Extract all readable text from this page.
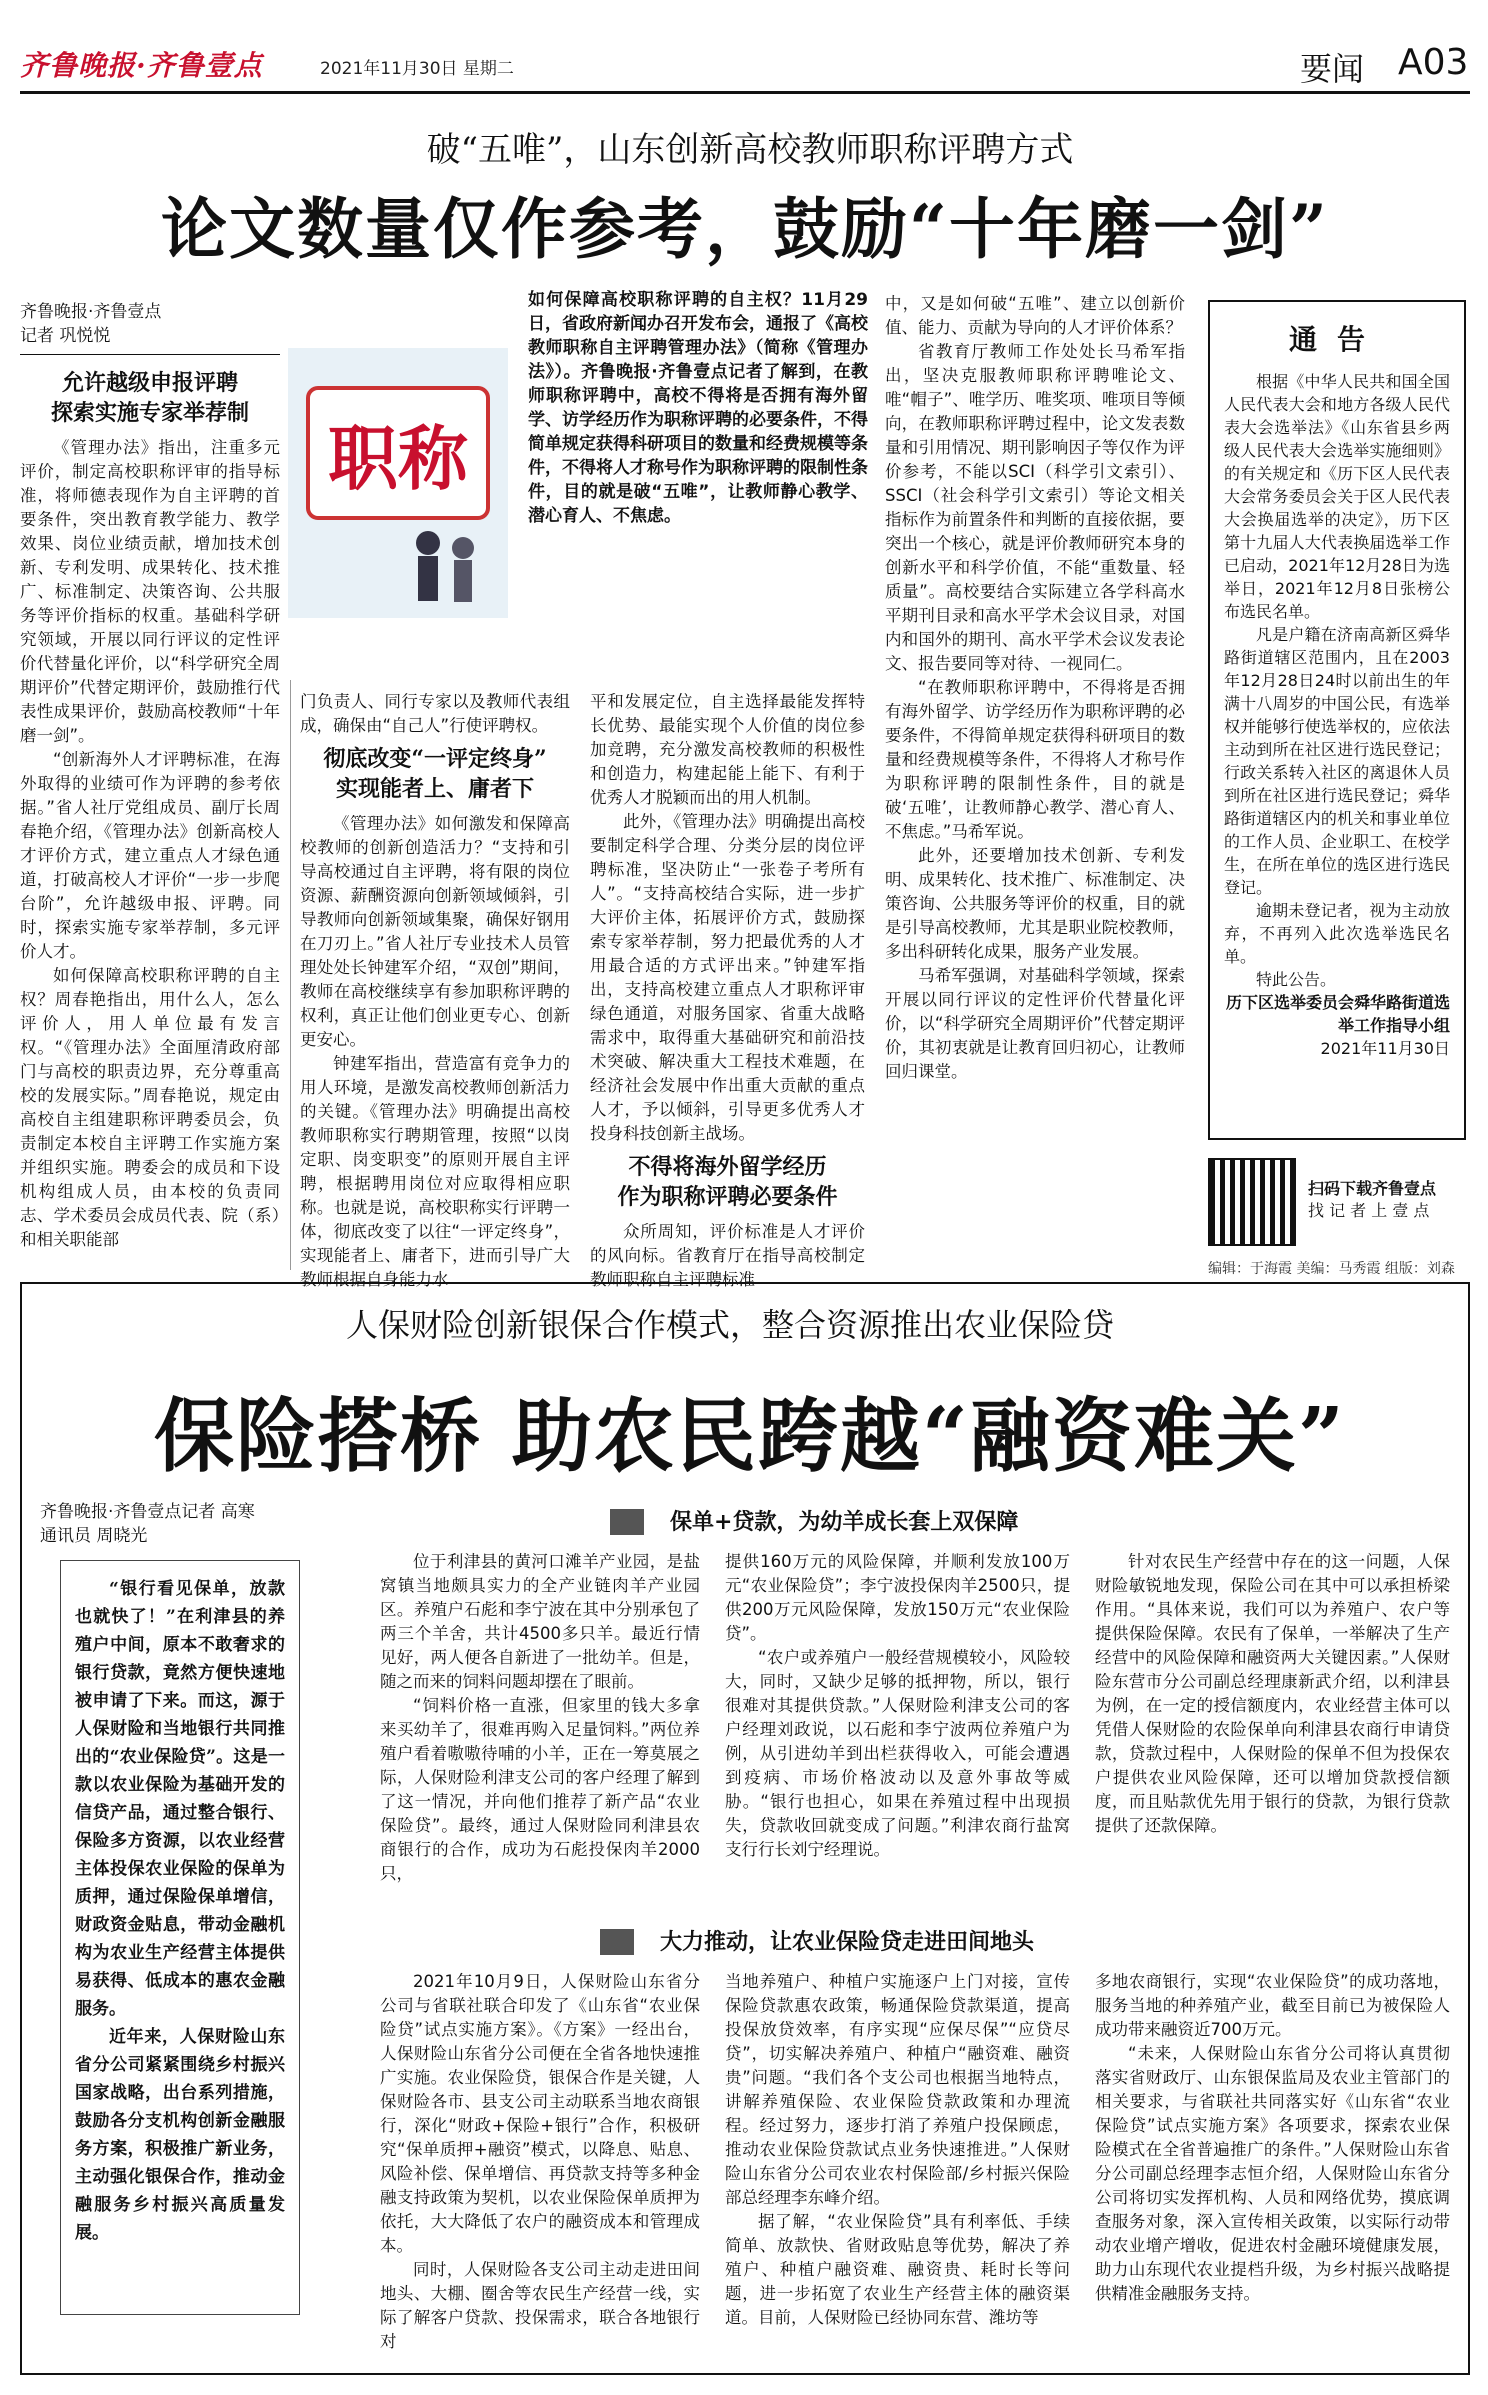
齐鲁晚报·齐鲁壹点	2021年11月30日 星期二	要闻 A03
破“五唯”，山东创新高校教师职称评聘方式
论文数量仅作参考，鼓励“十年磨一剑”
齐鲁晚报·齐鲁壹点
记者 巩悦悦
如何保障高校职称评聘的自主权？11月29日，省政府新闻办召开发布会，通报了《高校教师职称自主评聘管理办法》（简称《管理办法》）。齐鲁晚报·齐鲁壹点记者了解到，在教师职称评聘中，高校不得将是否拥有海外留学、访学经历作为职称评聘的必要条件，不得简单规定获得科研项目的数量和经费规模等条件，不得将人才称号作为职称评聘的限制性条件，目的就是破“五唯”，让教师静心教学、潜心育人、不焦虑。
职称
允许越级申报评聘
探索实施专家举荐制

《管理办法》指出，注重多元评价，制定高校职称评审的指导标准，将师德表现作为自主评聘的首要条件，突出教育教学能力、教学效果、岗位业绩贡献，增加技术创新、专利发明、成果转化、技术推广、标准制定、决策咨询、公共服务等评价指标的权重。基础科学研究领域，开展以同行评议的定性评价代替量化评价，以“科学研究全周期评价”代替定期评价，鼓励推行代表性成果评价，鼓励高校教师“十年磨一剑”。

“创新海外人才评聘标准，在海外取得的业绩可作为评聘的参考依据。”省人社厅党组成员、副厅长周春艳介绍，《管理办法》创新高校人才评价方式，建立重点人才绿色通道，打破高校人才评价“一步一步爬台阶”，允许越级申报、评聘。同时，探索实施专家举荐制，多元评价人才。

如何保障高校职称评聘的自主权？周春艳指出，用什么人，怎么评价人，用人单位最有发言权。“《管理办法》全面厘清政府部门与高校的职责边界，充分尊重高校的发展实际。”周春艳说，规定由高校自主组建职称评聘委员会，负责制定本校自主评聘工作实施方案并组织实施。聘委会的成员和下设机构组成人员，由本校的负责同志、学术委员会成员代表、院（系）和相关职能部

门负责人、同行专家以及教师代表组成，确保由“自己人”行使评聘权。

彻底改变“一评定终身”
实现能者上、庸者下

《管理办法》如何激发和保障高校教师的创新创造活力？“支持和引导高校通过自主评聘，将有限的岗位资源、薪酬资源向创新领域倾斜，引导教师向创新领域集聚，确保好钢用在刀刃上。”省人社厅专业技术人员管理处处长钟建军介绍，“双创”期间，教师在高校继续享有参加职称评聘的权利，真正让他们创业更专心、创新更安心。

钟建军指出，营造富有竞争力的用人环境，是激发高校教师创新活力的关键。《管理办法》明确提出高校教师职称实行聘期管理，按照“以岗定职、岗变职变”的原则开展自主评聘，根据聘用岗位对应取得相应职称。也就是说，高校职称实行评聘一体，彻底改变了以往“一评定终身”，实现能者上、庸者下，进而引导广大教师根据自身能力水

平和发展定位，自主选择最能发挥特长优势、最能实现个人价值的岗位参加竞聘，充分激发高校教师的积极性和创造力，构建起能上能下、有利于优秀人才脱颖而出的用人机制。

此外，《管理办法》明确提出高校要制定科学合理、分类分层的岗位评聘标准，坚决防止“一张卷子考所有人”。“支持高校结合实际，进一步扩大评价主体，拓展评价方式，鼓励探索专家举荐制，努力把最优秀的人才用最合适的方式评出来。”钟建军指出，支持高校建立重点人才职称评审绿色通道，对服务国家、省重大战略需求中，取得重大基础研究和前沿技术突破、解决重大工程技术难题，在经济社会发展中作出重大贡献的重点人才，予以倾斜，引导更多优秀人才投身科技创新主战场。

不得将海外留学经历
作为职称评聘必要条件

众所周知，评价标准是人才评价的风向标。省教育厅在指导高校制定教师职称自主评聘标准

中，又是如何破“五唯”、建立以创新价值、能力、贡献为导向的人才评价体系？

省教育厅教师工作处处长马希军指出，坚决克服教师职称评聘唯论文、唯“帽子”、唯学历、唯奖项、唯项目等倾向，在教师职称评聘过程中，论文发表数量和引用情况、期刊影响因子等仅作为评价参考，不能以SCI（科学引文索引）、SSCI（社会科学引文索引）等论文相关指标作为前置条件和判断的直接依据，要突出一个核心，就是评价教师研究本身的创新水平和科学价值，不能“重数量、轻质量”。高校要结合实际建立各学科高水平期刊目录和高水平学术会议目录，对国内和国外的期刊、高水平学术会议发表论文、报告要同等对待、一视同仁。

“在教师职称评聘中，不得将是否拥有海外留学、访学经历作为职称评聘的必要条件，不得简单规定获得科研项目的数量和经费规模等条件，不得将人才称号作为职称评聘的限制性条件，目的就是破‘五唯’，让教师静心教学、潜心育人、不焦虑。”马希军说。

此外，还要增加技术创新、专利发明、成果转化、技术推广、标准制定、决策咨询、公共服务等评价的权重，目的就是引导高校教师，尤其是职业院校教师，多出科研转化成果，服务产业发展。

马希军强调，对基础科学领域，探索开展以同行评议的定性评价代替量化评价，以“科学研究全周期评价”代替定期评价，其初衷就是让教育回归初心，让教师回归课堂。

通告

根据《中华人民共和国全国人民代表大会和地方各级人民代表大会选举法》《山东省县乡两级人民代表大会选举实施细则》的有关规定和《历下区人民代表大会常务委员会关于区人民代表大会换届选举的决定》，历下区第十九届人大代表换届选举工作已启动，2021年12月28日为选举日，2021年12月8日张榜公布选民名单。

凡是户籍在济南高新区舜华路街道辖区范围内，且在2003年12月28日24时以前出生的年满十八周岁的中国公民，有选举权并能够行使选举权的，应依法主动到所在社区进行选民登记；行政关系转入社区的离退休人员到所在社区进行选民登记；舜华路街道辖区内的机关和事业单位的工作人员、企业职工、在校学生，在所在单位的选区进行选民登记。

逾期未登记者，视为主动放弃，不再列入此次选举选民名单。

特此公告。

历下区选举委员会舜华路街道选举工作指导小组

2021年11月30日

扫码下载齐鲁壹点
找 记 者 上 壹 点
编辑：于海霞 美编：马秀霞 组版：刘森
人保财险创新银保合作模式，整合资源推出农业保险贷
保险搭桥 助农民跨越“融资难关”
齐鲁晚报·齐鲁壹点记者 高寒
通讯员 周晓光
保单+贷款，为幼羊成长套上双保障

“银行看见保单，放款也就快了！”在利津县的养殖户中间，原本不敢奢求的银行贷款，竟然方便快速地被申请了下来。而这，源于人保财险和当地银行共同推出的“农业保险贷”。这是一款以农业保险为基础开发的信贷产品，通过整合银行、保险多方资源，以农业经营主体投保农业保险的保单为质押，通过保险保单增信，财政资金贴息，带动金融机构为农业生产经营主体提供易获得、低成本的惠农金融服务。

近年来，人保财险山东省分公司紧紧围绕乡村振兴国家战略，出台系列措施，鼓励各分支机构创新金融服务方案，积极推广新业务，主动强化银保合作，推动金融服务乡村振兴高质量发展。

位于利津县的黄河口滩羊产业园，是盐窝镇当地颇具实力的全产业链肉羊产业园区。养殖户石彪和李宁波在其中分别承包了两三个羊舍，共计4500多只羊。最近行情见好，两人便各自新进了一批幼羊。但是，随之而来的饲料问题却摆在了眼前。

“饲料价格一直涨，但家里的钱大多拿来买幼羊了，很难再购入足量饲料。”两位养殖户看着嗷嗷待哺的小羊，正在一筹莫展之际，人保财险利津支公司的客户经理了解到了这一情况，并向他们推荐了新产品“农业保险贷”。最终，通过人保财险同利津县农商银行的合作，成功为石彪投保肉羊2000只，

提供160万元的风险保障，并顺利发放100万元“农业保险贷”；李宁波投保肉羊2500只，提供200万元风险保障，发放150万元“农业保险贷”。

“农户或养殖户一般经营规模较小，风险较大，同时，又缺少足够的抵押物，所以，银行很难对其提供贷款。”人保财险利津支公司的客户经理刘政说，以石彪和李宁波两位养殖户为例，从引进幼羊到出栏获得收入，可能会遭遇到疫病、市场价格波动以及意外事故等威胁。“银行也担心，如果在养殖过程中出现损失，贷款收回就变成了问题。”利津农商行盐窝支行行长刘宁经理说。

针对农民生产经营中存在的这一问题，人保财险敏锐地发现，保险公司在其中可以承担桥梁作用。“具体来说，我们可以为养殖户、农户等提供保险保障。农民有了保单，一举解决了生产经营中的风险保障和融资两大关键因素。”人保财险东营市分公司副总经理康新武介绍，以利津县为例，在一定的授信额度内，农业经营主体可以凭借人保财险的农险保单向利津县农商行申请贷款，贷款过程中，人保财险的保单不但为投保农户提供农业风险保障，还可以增加贷款授信额度，而且贴款优先用于银行的贷款，为银行贷款提供了还款保障。

大力推动，让农业保险贷走进田间地头

2021年10月9日，人保财险山东省分公司与省联社联合印发了《山东省“农业保险贷”试点实施方案》。《方案》一经出台，人保财险山东省分公司便在全省各地快速推广实施。农业保险贷，银保合作是关键，人保财险各市、县支公司主动联系当地农商银行，深化“财政+保险+银行”合作，积极研究“保单质押+融资”模式，以降息、贴息、风险补偿、保单增信、再贷款支持等多种金融支持政策为契机，以农业保险保单质押为依托，大大降低了农户的融资成本和管理成本。

同时，人保财险各支公司主动走进田间地头、大棚、圈舍等农民生产经营一线，实际了解客户贷款、投保需求，联合各地银行对

当地养殖户、种植户实施逐户上门对接，宣传保险贷款惠农政策，畅通保险贷款渠道，提高投保放贷效率，有序实现“应保尽保”“应贷尽贷”，切实解决养殖户、种植户“融资难、融资贵”问题。“我们各个支公司也根据当地特点，讲解养殖保险、农业保险贷款政策和办理流程。经过努力，逐步打消了养殖户投保顾虑，推动农业保险贷款试点业务快速推进。”人保财险山东省分公司农业农村保险部/乡村振兴保险部总经理李东峰介绍。

据了解，“农业保险贷”具有利率低、手续简单、放款快、省财政贴息等优势，解决了养殖户、种植户融资难、融资贵、耗时长等问题，进一步拓宽了农业生产经营主体的融资渠道。目前，人保财险已经协同东营、潍坊等

多地农商银行，实现“农业保险贷”的成功落地，服务当地的种养殖产业，截至目前已为被保险人成功带来融资近700万元。

“未来，人保财险山东省分公司将认真贯彻落实省财政厅、山东银保监局及农业主管部门的相关要求，与省联社共同落实好《山东省“农业保险贷”试点实施方案》各项要求，探索农业保险模式在全省普遍推广的条件。”人保财险山东省分公司副总经理李志恒介绍，人保财险山东省分公司将切实发挥机构、人员和网络优势，摸底调查服务对象，深入宣传相关政策，以实际行动带动农业增产增收，促进农村金融环境健康发展，助力山东现代农业提档升级，为乡村振兴战略提供精准金融服务支持。
